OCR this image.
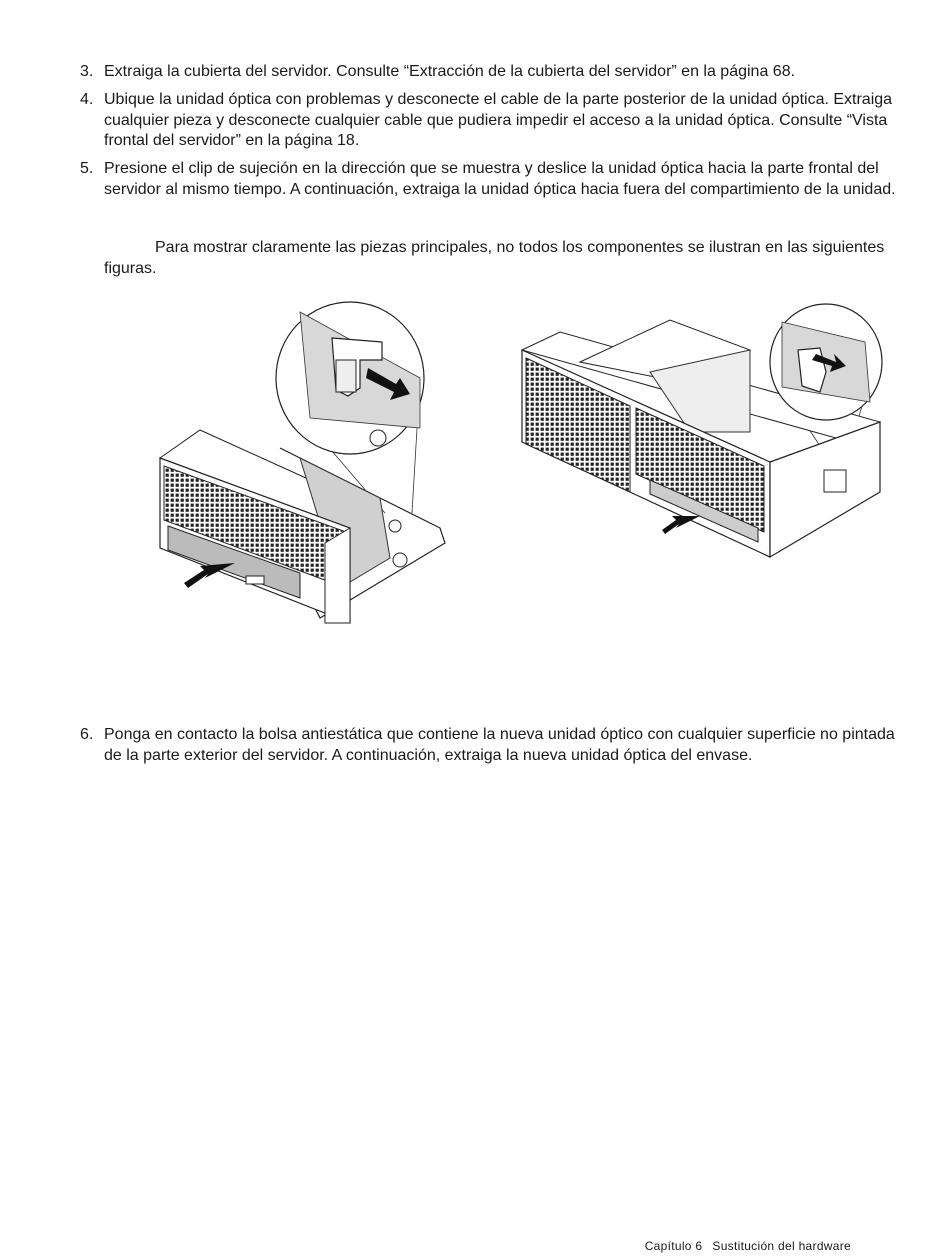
3. Extraiga la cubierta del servidor. Consulte “Extracción de la cubierta del servidor” en la página 68.
4. Ubique la unidad óptica con problemas y desconecte el cable de la parte posterior de la unidad óptica. Extraiga cualquier pieza y desconecte cualquier cable que pudiera impedir el acceso a la unidad óptica. Consulte “Vista frontal del servidor” en la página 18.
5. Presione el clip de sujeción en la dirección que se muestra y deslice la unidad óptica hacia la parte frontal del servidor al mismo tiempo. A continuación, extraiga la unidad óptica hacia fuera del compartimiento de la unidad.
Para mostrar claramente las piezas principales, no todos los componentes se ilustran en las siguientes figuras.
6. Ponga en contacto la bolsa antiestática que contiene la nueva unidad óptico con cualquier superficie no pintada de la parte exterior del servidor. A continuación, extraiga la nueva unidad óptica del envase.
Capítulo 6 Sustitución del hardware
